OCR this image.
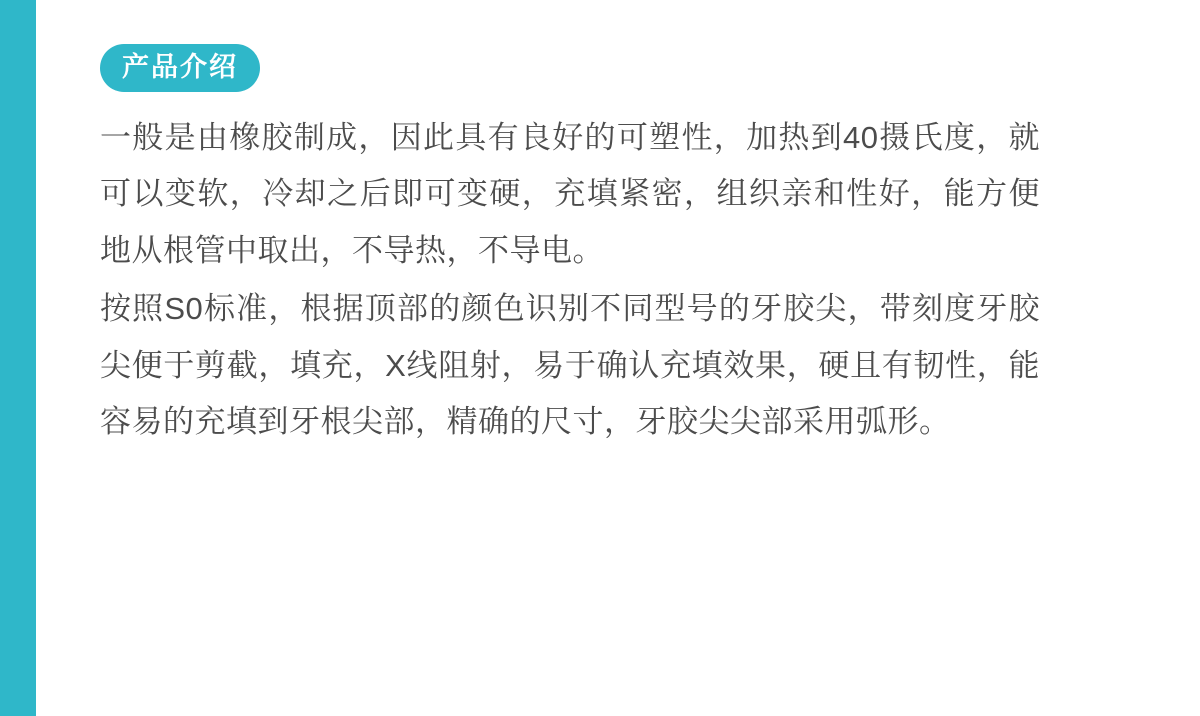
产品介绍

一般是由橡胶制成，因此具有良好的可塑性，加热到40摄氏度，就可以变软，冷却之后即可变硬，充填紧密，组织亲和性好，能方便地从根管中取出，不导热，不导电。

按照S0标准，根据顶部的颜色识别不同型号的牙胶尖，带刻度牙胶尖便于剪截，填充，X线阻射，易于确认充填效果，硬且有韧性，能容易的充填到牙根尖部，精确的尺寸，牙胶尖尖部采用弧形。
